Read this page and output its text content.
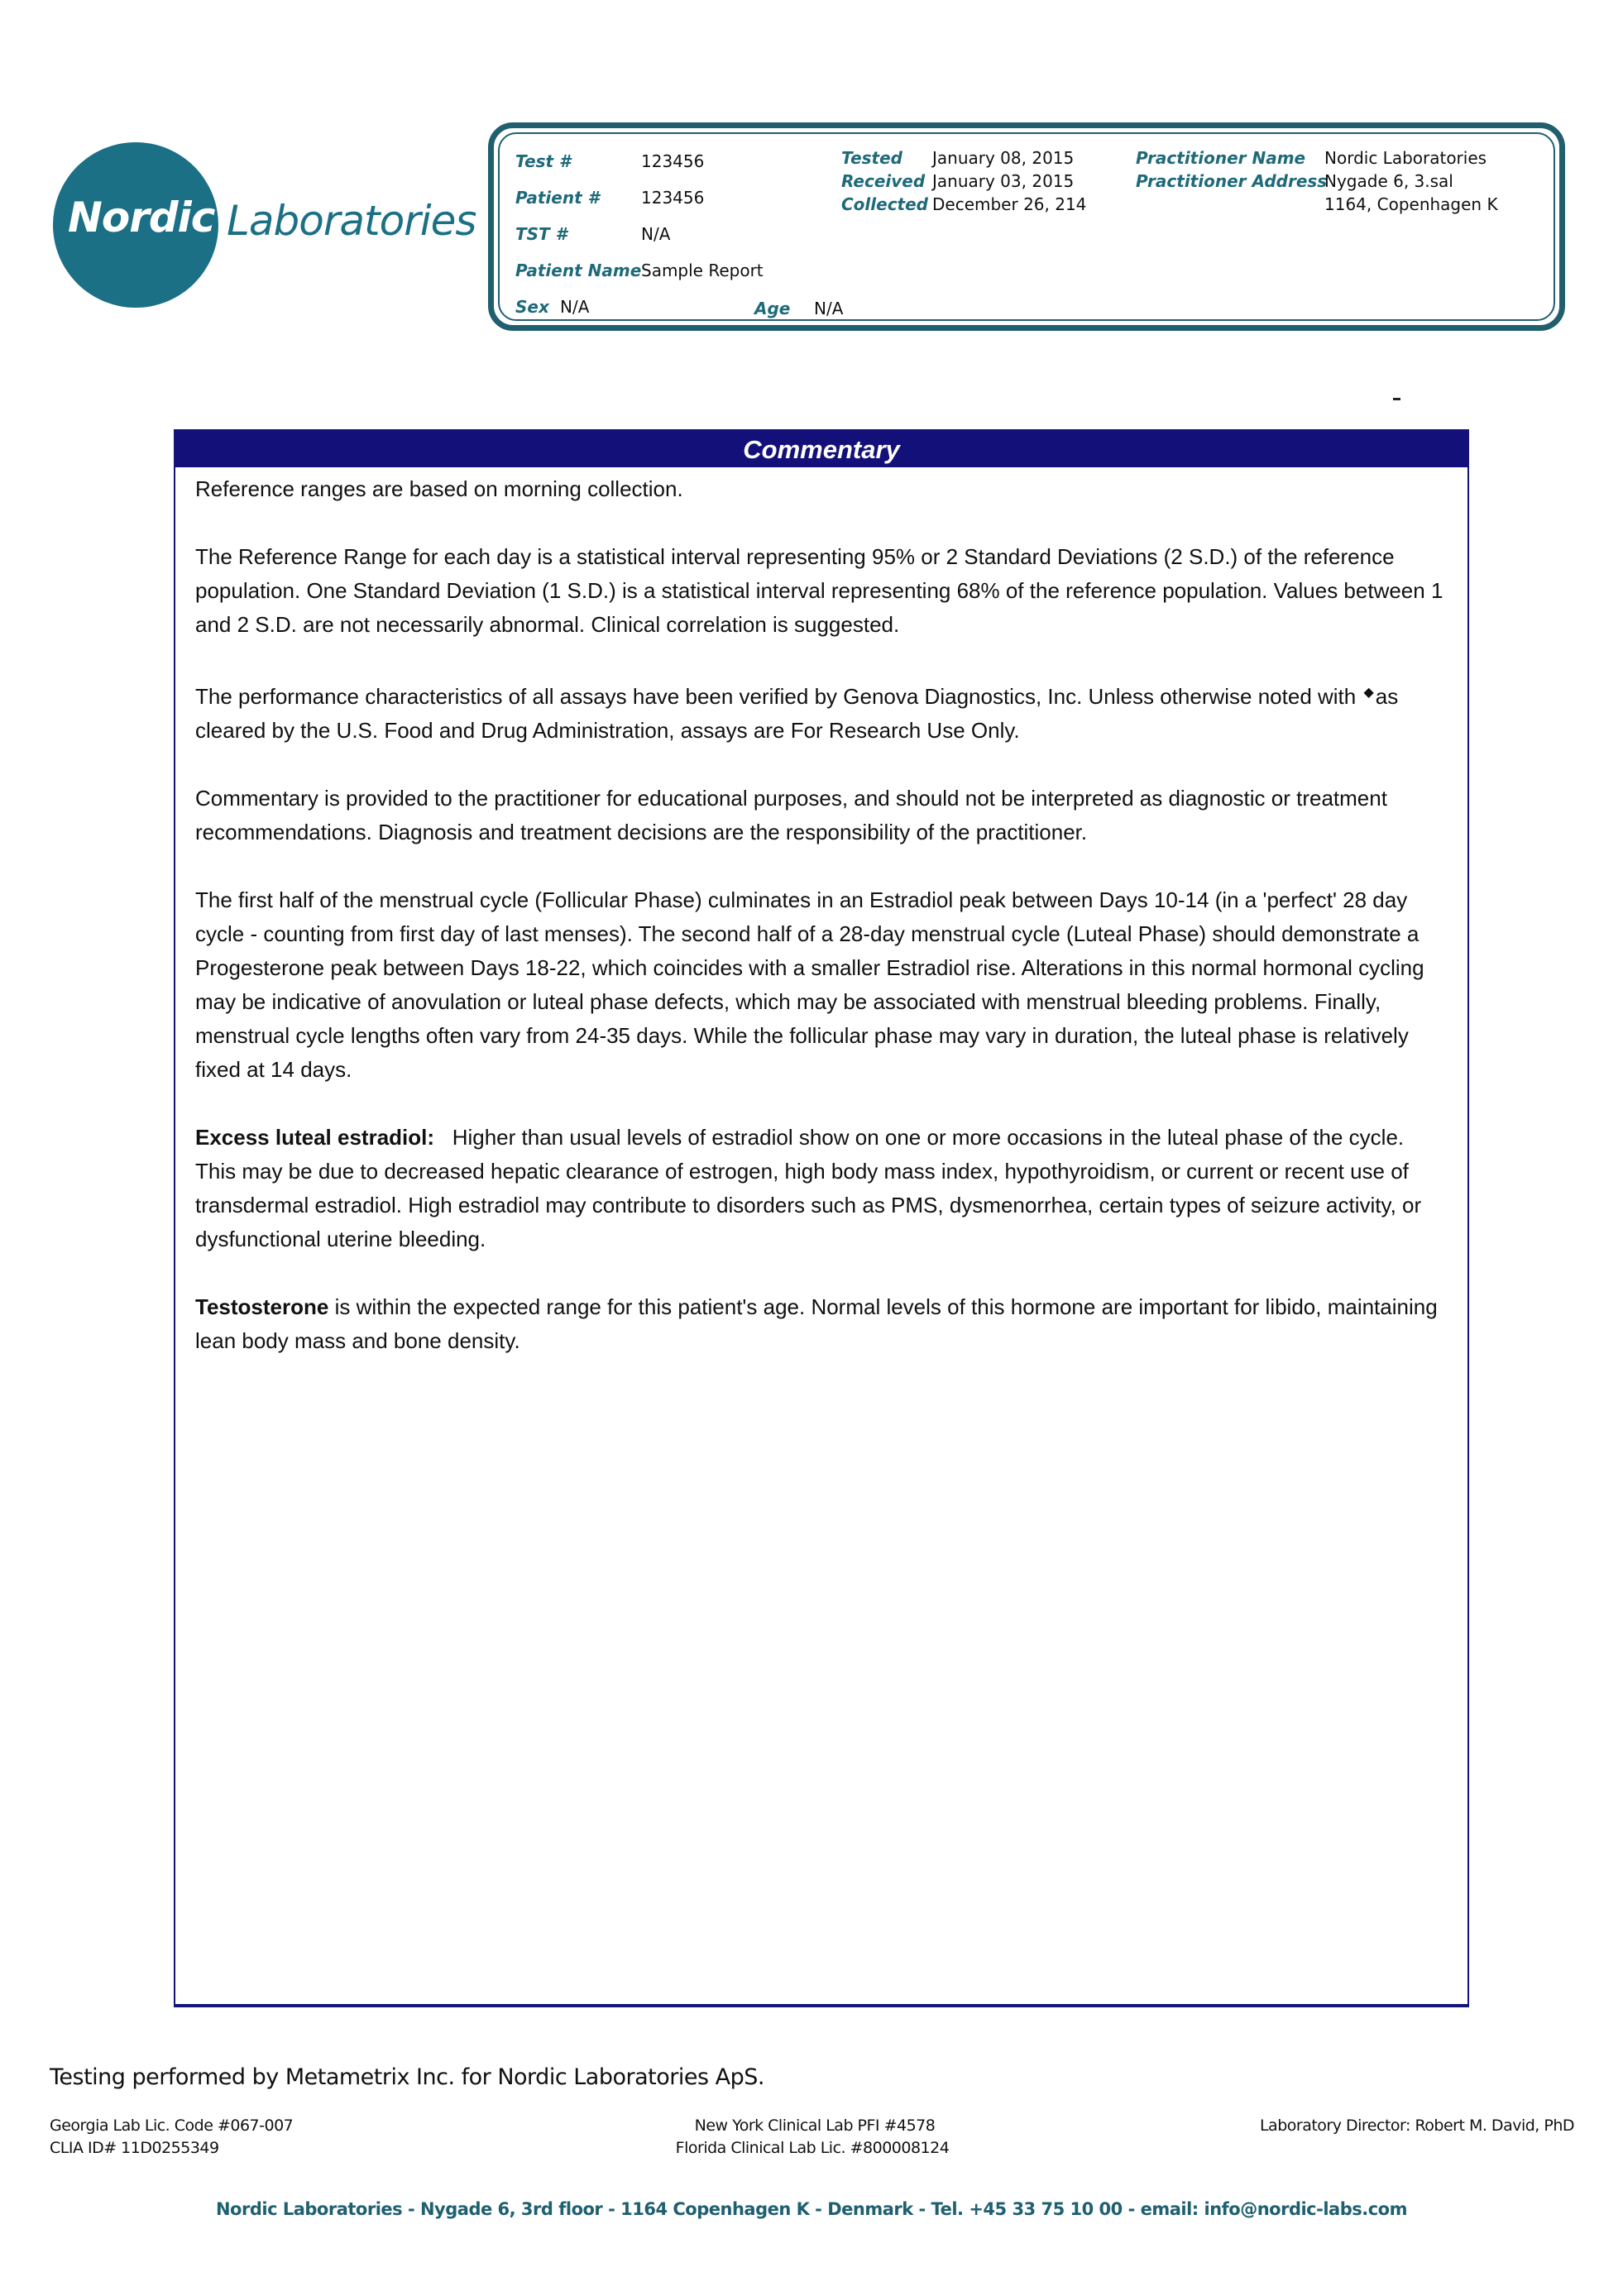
Nordic Laboratories
Test #	123456
Patient #	123456
TST #	N/A
Patient Name Sample Report
Sex N/A	Age N/A
Tested January 08, 2015
Received January 03, 2015
Collected December 26, 214
Practitioner Name Nordic Laboratories
Practitioner Address
Nygade 6, 3.sal
1164, Copenhagen K
Commentary

Reference ranges are based on morning collection.

The Reference Range for each day is a statistical interval representing 95% or 2 Standard Deviations (2 S.D.) of the reference population. One Standard Deviation (1 S.D.) is a statistical interval representing 68% of the reference population. Values between 1 and 2 S.D. are not necessarily abnormal. Clinical correlation is suggested.

The performance characteristics of all assays have been verified by Genova Diagnostics, Inc. Unless otherwise noted with ◆as cleared by the U.S. Food and Drug Administration, assays are For Research Use Only.

Commentary is provided to the practitioner for educational purposes, and should not be interpreted as diagnostic or treatment recommendations. Diagnosis and treatment decisions are the responsibility of the practitioner.

The first half of the menstrual cycle (Follicular Phase) culminates in an Estradiol peak between Days 10-14 (in a 'perfect' 28 day cycle - counting from first day of last menses). The second half of a 28-day menstrual cycle (Luteal Phase) should demonstrate a Progesterone peak between Days 18-22, which coincides with a smaller Estradiol rise. Alterations in this normal hormonal cycling may be indicative of anovulation or luteal phase defects, which may be associated with menstrual bleeding problems. Finally, menstrual cycle lengths often vary from 24-35 days. While the follicular phase may vary in duration, the luteal phase is relatively fixed at 14 days.

Excess luteal estradiol: Higher than usual levels of estradiol show on one or more occasions in the luteal phase of the cycle. This may be due to decreased hepatic clearance of estrogen, high body mass index, hypothyroidism, or current or recent use of transdermal estradiol. High estradiol may contribute to disorders such as PMS, dysmenorrhea, certain types of seizure activity, or dysfunctional uterine bleeding.

Testosterone is within the expected range for this patient's age. Normal levels of this hormone are important for libido, maintaining lean body mass and bone density.

Testing performed by Metametrix Inc. for Nordic Laboratories ApS.
Georgia Lab Lic. Code #067-007
CLIA ID# 11D0255349
New York Clinical Lab PFI #4578
Florida Clinical Lab Lic. #800008124
Laboratory Director: Robert M. David, PhD
Nordic Laboratories - Nygade 6, 3rd floor - 1164 Copenhagen K - Denmark - Tel. +45 33 75 10 00 - email: info@nordic-labs.com
